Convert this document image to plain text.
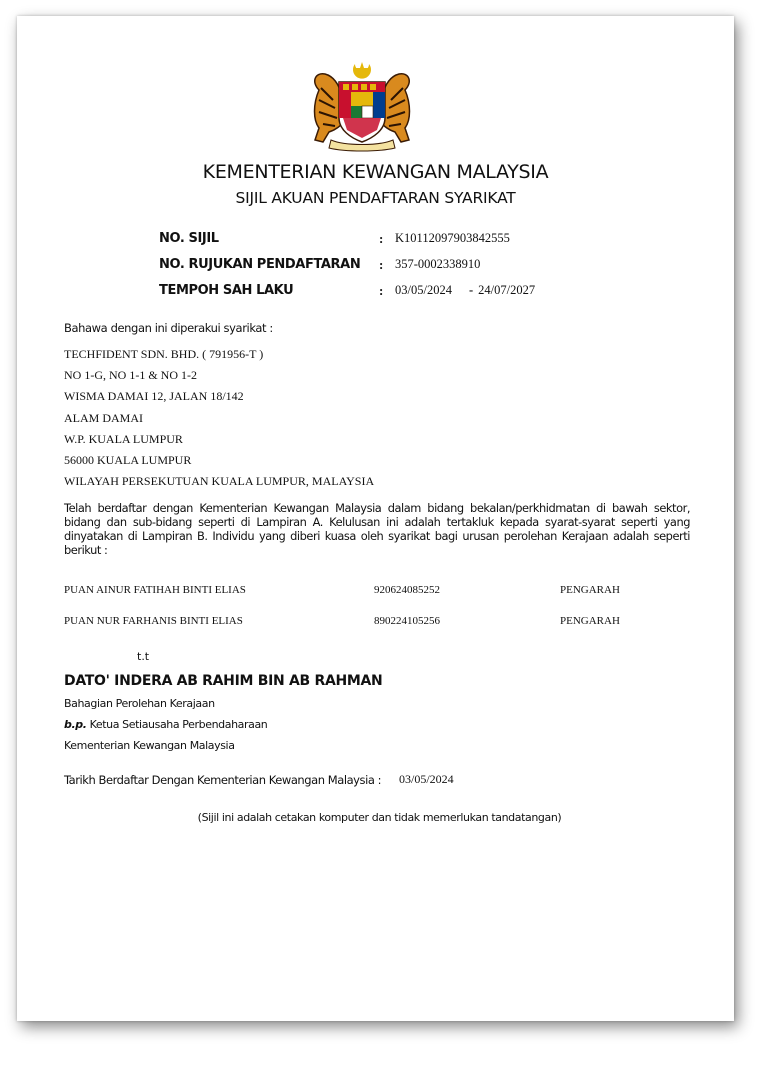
KEMENTERIAN KEWANGAN MALAYSIA
SIJIL AKUAN PENDAFTARAN SYARIKAT
NO. SIJIL	: K10112097903842555
NO. RUJUKAN PENDAFTARAN : 357-0002338910
TEMPOH SAH LAKU	: 03/05/2024 - 24/07/2027
Bahawa dengan ini diperakui syarikat :
TECHFIDENT SDN. BHD. ( 791956-T )
NO 1-G, NO 1-1 & NO 1-2
WISMA DAMAI 12, JALAN 18/142
ALAM DAMAI
W.P. KUALA LUMPUR
56000 KUALA LUMPUR
WILAYAH PERSEKUTUAN KUALA LUMPUR, MALAYSIA
Telah berdaftar dengan Kementerian Kewangan Malaysia dalam bidang bekalan/perkhidmatan di bawah sektor, bidang dan sub-bidang seperti di Lampiran A. Kelulusan ini adalah tertakluk kepada syarat-syarat seperti yang dinyatakan di Lampiran B. Individu yang diberi kuasa oleh syarikat bagi urusan perolehan Kerajaan adalah seperti berikut :
PUAN AINUR FATIHAH BINTI ELIAS	920624085252	PENGARAH
PUAN NUR FARHANIS BINTI ELIAS	890224105256	PENGARAH
t.t
DATO' INDERA AB RAHIM BIN AB RAHMAN
Bahagian Perolehan Kerajaan
b.p. Ketua Setiausaha Perbendaharaan
Kementerian Kewangan Malaysia
Tarikh Berdaftar Dengan Kementerian Kewangan Malaysia : 03/05/2024
(Sijil ini adalah cetakan komputer dan tidak memerlukan tandatangan)
